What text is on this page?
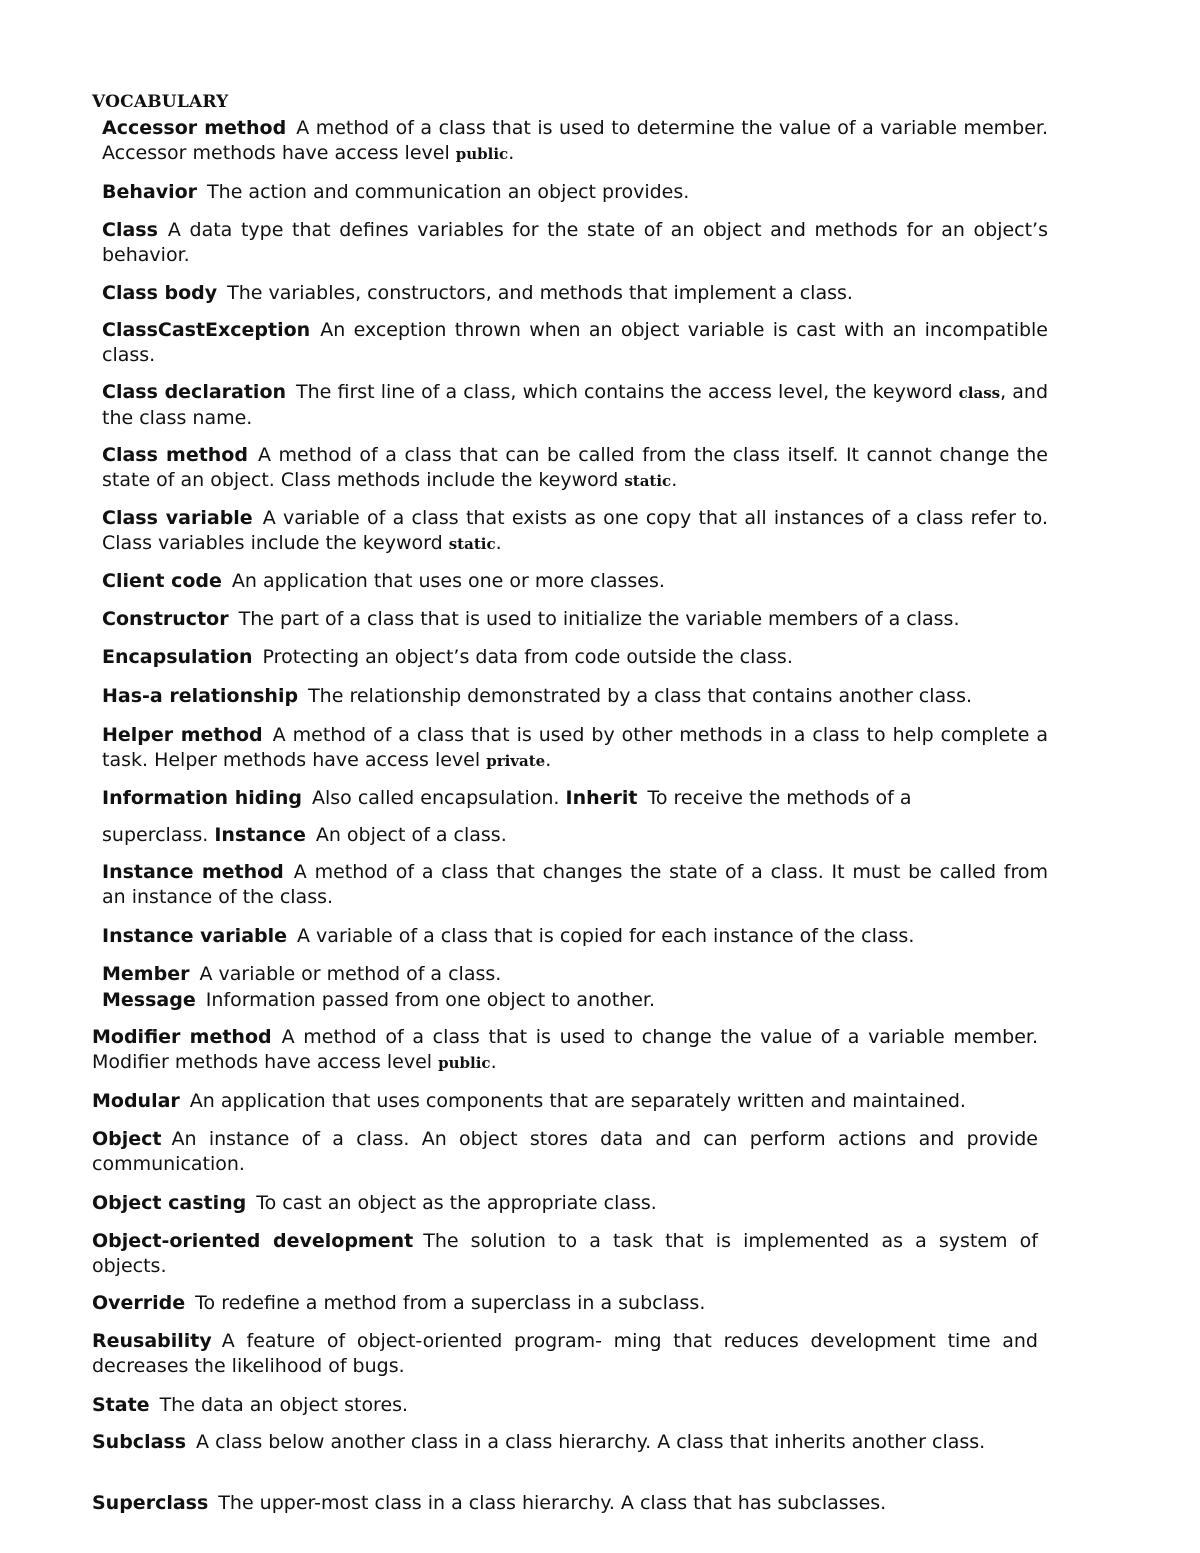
VOCABULARY

Accessor method A method of a class that is used to determine the value of a variable member. Accessor methods have access level public.

Behavior The action and communication an object provides.

Class A data type that defines variables for the state of an object and methods for an object’s behavior.

Class body The variables, constructors, and methods that implement a class.

ClassCastException An exception thrown when an object variable is cast with an incompatible class.

Class declaration The first line of a class, which contains the access level, the keyword class, and the class name.

Class method A method of a class that can be called from the class itself. It cannot change the state of an object. Class methods include the keyword static.

Class variable A variable of a class that exists as one copy that all instances of a class refer to. Class variables include the keyword static.

Client code An application that uses one or more classes.

Constructor The part of a class that is used to initialize the variable members of a class.

Encapsulation Protecting an object’s data from code outside the class.

Has-a relationship The relationship demonstrated by a class that contains another class.

Helper method A method of a class that is used by other methods in a class to help complete a task. Helper methods have access level private.

Information hiding Also called encapsulation. Inherit To receive the methods of a

superclass. Instance An object of a class.

Instance method A method of a class that changes the state of a class. It must be called from an instance of the class.

Instance variable A variable of a class that is copied for each instance of the class.

Member A variable or method of a class.

Message Information passed from one object to another.

Modifier method A method of a class that is used to change the value of a variable member. Modifier methods have access level public.

Modular An application that uses components that are separately written and maintained.

Object An instance of a class. An object stores data and can perform actions and provide communication.

Object casting To cast an object as the appropriate class.

Object-oriented development The solution to a task that is implemented as a system of objects.

Override To redefine a method from a superclass in a subclass.

Reusability A feature of object-oriented program- ming that reduces development time and decreases the likelihood of bugs.

State The data an object stores.

Subclass A class below another class in a class hierarchy. A class that inherits another class.

Superclass The upper-most class in a class hierarchy. A class that has subclasses.
